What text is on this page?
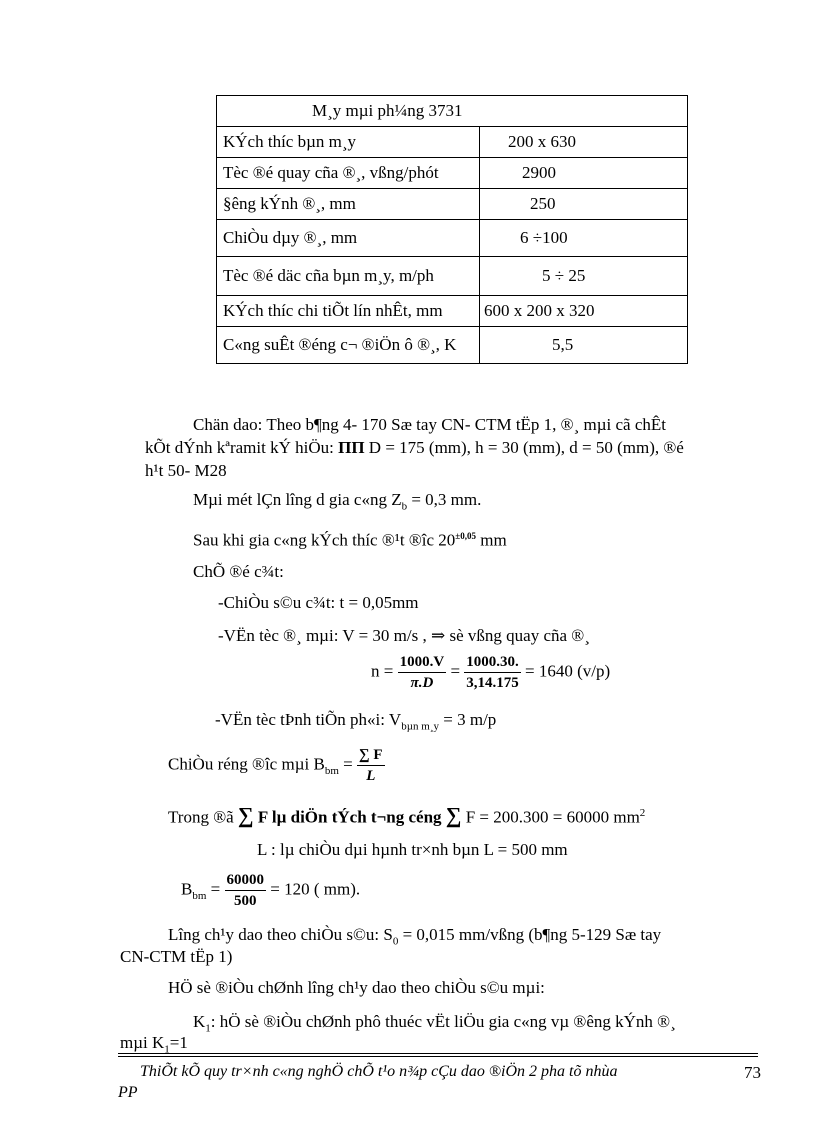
M¸y mµi ph¼ng 3731	
KÝch thíc bµn m¸y	200 x 630
Tèc ®é quay cña ®¸, vßng/phót	2900
§êng kÝnh ®¸, mm	250
ChiÒu dµy ®¸, mm	6 ÷100
Tèc ®é däc cña bµn m¸y, m/ph	5 ÷ 25
KÝch thíc chi tiÕt lín nhÊt, mm	600 x 200 x 320
C«ng suÊt ®éng c¬ ®iÖn ô ®¸, K	5,5
Chän dao: Theo b¶ng 4- 170 Sæ tay CN- CTM tËp 1, ®¸ mµi cã chÊt
kÕt dÝnh kªramit kÝ hiÖu: ПП D = 175 (mm), h = 30 (mm), d = 50 (mm), ®é
h¹t 50- M28
Mµi mét lÇn lîng d gia c«ng $Z_b = 0,3$ mm.
Sau khi gia c«ng kÝch thíc ®¹t ®îc $20^{\pm 0,05}$ mm
ChÕ ®é c¾t:
-ChiÒu s©u c¾t: t = 0,05mm
-VËn tèc ®¸ mµi: V = 30 m/s , ⇒ sè vßng quay cña ®¸
$n = \frac{1000.V}{\pi.D} = \frac{1000.30.}{3,14.175} = 1640$ (v/p)
-VËn tèc tÞnh tiÕn ph«i: $V_{b\mu n m¸y} = 3$ m/p
ChiÒu réng ®îc mµi $B_{bm} = \frac{\sum F}{L}$
Trong ®ã ∑ F lµ diÖn tÝch t¬ng céng ∑ F = 200.300 = 60000 $mm^2$
L : lµ chiÒu dµi hµnh tr×nh bµn L = 500 mm
$B_{bm} = \frac{60000}{500} = 120$ ( mm).
Lîng ch¹y dao theo chiÒu s©u: $S_0 = 0,015$ mm/vßng (b¶ng 5-129 Sæ tay
CN-CTM tËp 1)
HÖ sè ®iÒu chØnh lîng ch¹y dao theo chiÒu s©u mµi:
$K_1$: hÖ sè ®iÒu chØnh phô thuéc vËt liÖu gia c«ng vµ ®êng kÝnh ®¸
mµi $K_1=1$
ThiÕt kÕ quy tr×nh c«ng nghÖ chÕ t¹o n¾p cÇu dao ®iÖn 2 pha tõ nhùa
PP
73
